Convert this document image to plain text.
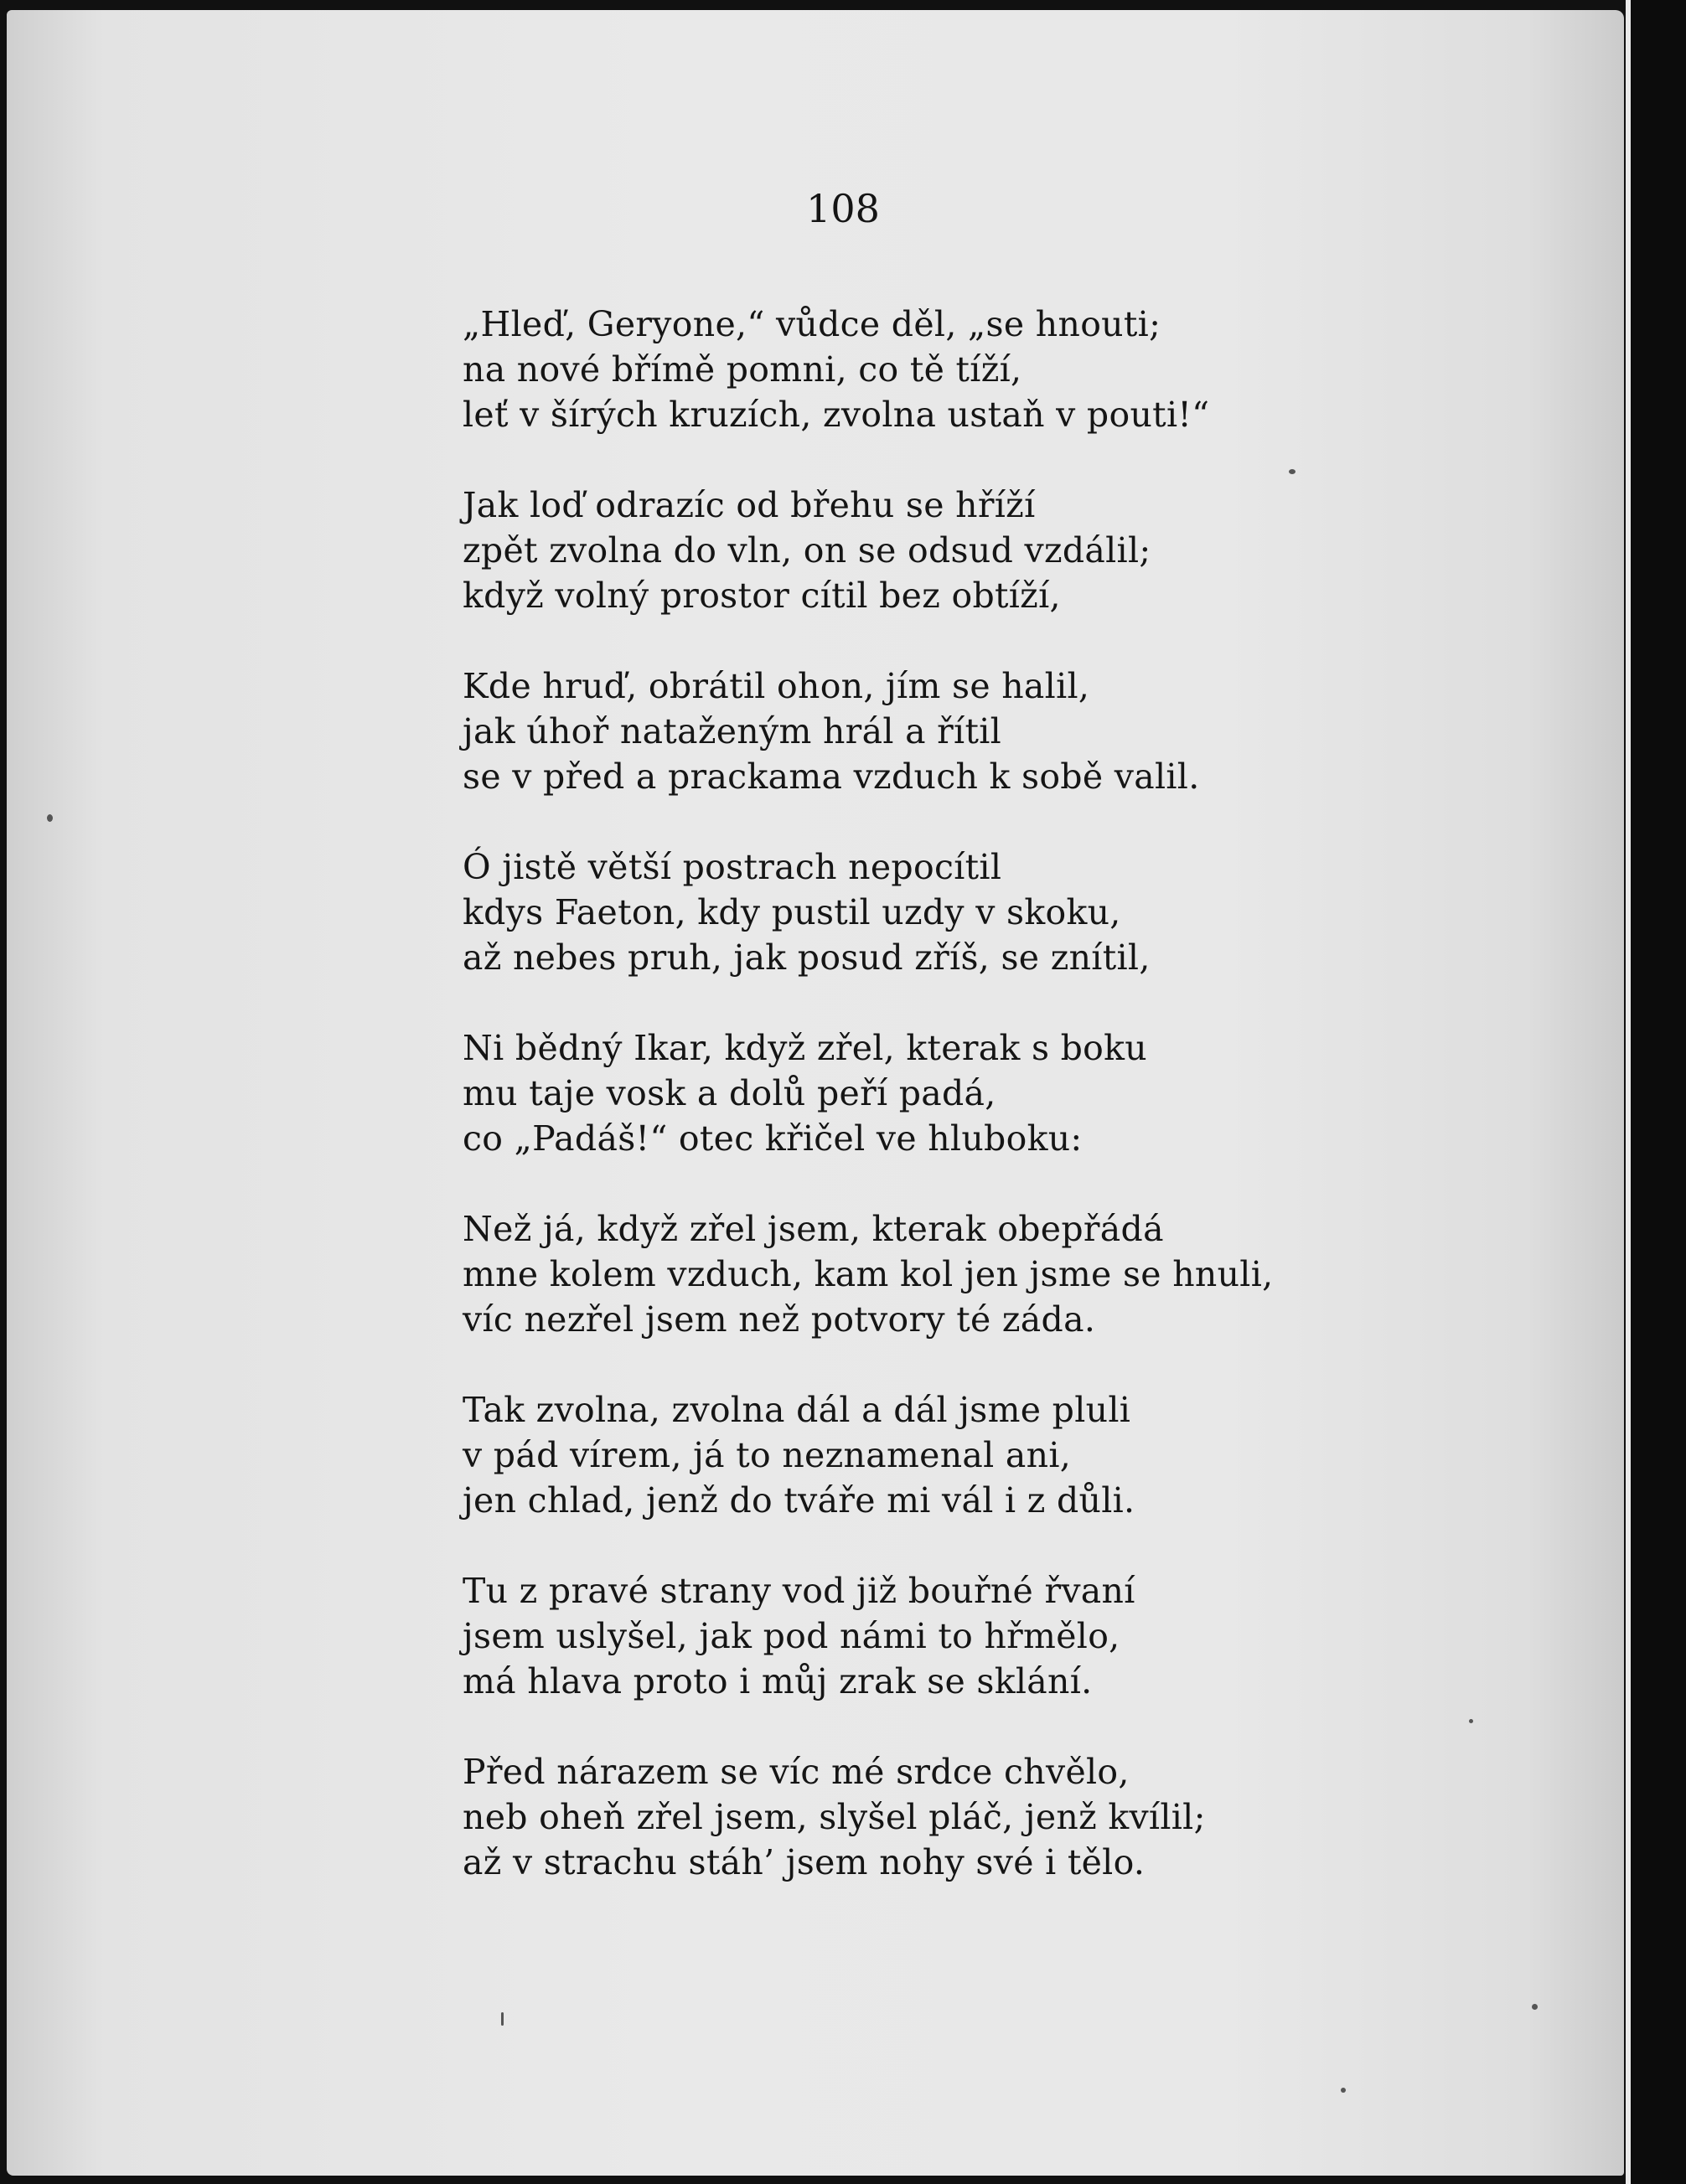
108
„Hleď, Geryone,“ vůdce děl, „se hnouti;
na nové břímě pomni, co tě tíží,
leť v šírých kruzích, zvolna ustaň v pouti!“
Jak loď odrazíc od břehu se hříží
zpět zvolna do vln, on se odsud vzdálil;
když volný prostor cítil bez obtíží,
Kde hruď, obrátil ohon, jím se halil,
jak úhoř nataženým hrál a řítil
se v před a prackama vzduch k sobě valil.
Ó jistě větší postrach nepocítil
kdys Faeton, kdy pustil uzdy v skoku,
až nebes pruh, jak posud zříš, se znítil,
Ni bědný Ikar, když zřel, kterak s boku
mu taje vosk a dolů peří padá,
co „Padáš!“ otec křičel ve hluboku:
Než já, když zřel jsem, kterak obepřádá
mne kolem vzduch, kam kol jen jsme se hnuli,
víc nezřel jsem než potvory té záda.
Tak zvolna, zvolna dál a dál jsme pluli
v pád vírem, já to neznamenal ani,
jen chlad, jenž do tváře mi vál i z důli.
Tu z pravé strany vod již bouřné řvaní
jsem uslyšel, jak pod námi to hřmělo,
má hlava proto i můj zrak se sklání.
Před nárazem se víc mé srdce chvělo,
neb oheň zřel jsem, slyšel pláč, jenž kvílil;
až v strachu stáh’ jsem nohy své i tělo.
